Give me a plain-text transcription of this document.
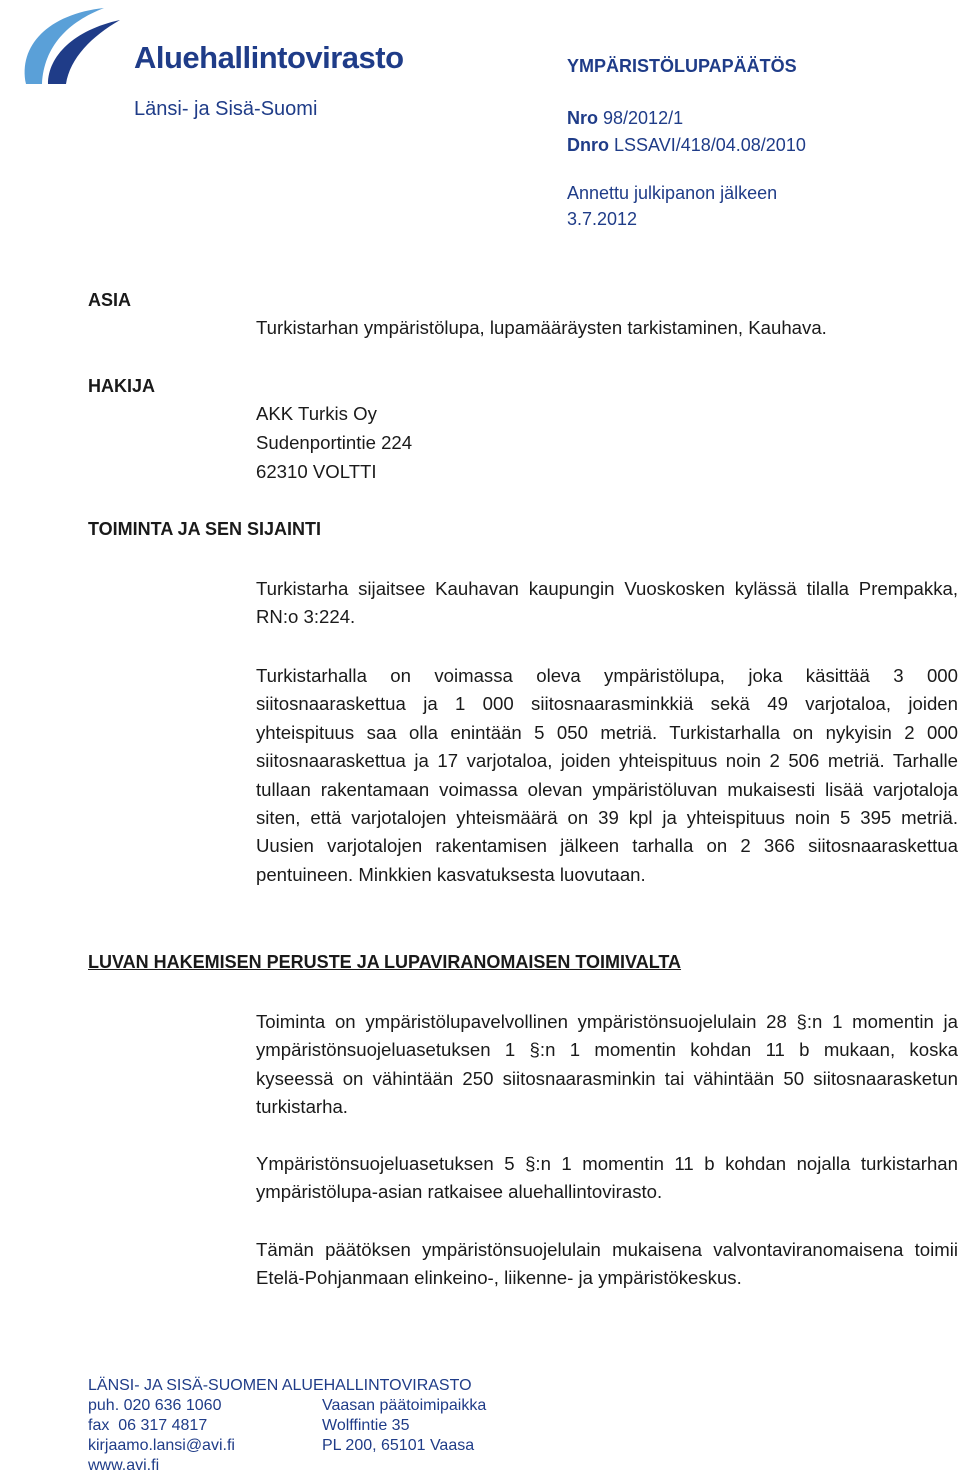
Aluehallintovirasto
Länsi- ja Sisä-Suomi
YMPÄRISTÖLUPAPÄÄTÖS
Nro 98/2012/1
Dnro LSSAVI/418/04.08/2010
Annettu julkipanon jälkeen
3.7.2012
ASIA
Turkistarhan ympäristölupa, lupamääräysten tarkistaminen, Kauhava.
HAKIJA
AKK Turkis Oy
Sudenportintie 224
62310 VOLTTI
TOIMINTA JA SEN SIJAINTI
Turkistarha sijaitsee Kauhavan kaupungin Vuoskosken kylässä tilalla Prempakka, RN:o 3:224.
Turkistarhalla on voimassa oleva ympäristölupa, joka käsittää 3 000 siitosnaaraskettua ja 1 000 siitosnaarasminkkiä sekä 49 varjotaloa, joiden yhteispituus saa olla enintään 5 050 metriä. Turkistarhalla on nykyisin 2 000 siitosnaaraskettua ja 17 varjotaloa, joiden yhteispituus noin 2 506 metriä. Tarhalle tullaan rakentamaan voimassa olevan ympäristöluvan mukaisesti lisää varjotaloja siten, että varjotalojen yhteismäärä on 39 kpl ja yhteispituus noin 5 395 metriä. Uusien varjotalojen rakentamisen jälkeen tarhalla on 2 366 siitosnaaraskettua pentuineen. Minkkien kasvatuksesta luovutaan.
LUVAN HAKEMISEN PERUSTE JA LUPAVIRANOMAISEN TOIMIVALTA
Toiminta on ympäristölupavelvollinen ympäristönsuojelulain 28 §:n 1 momentin ja ympäristönsuojeluasetuksen 1 §:n 1 momentin kohdan 11 b mukaan, koska kyseessä on vähintään 250 siitosnaarasminkin tai vähintään 50 siitosnaarasketun turkistarha.
Ympäristönsuojeluasetuksen 5 §:n 1 momentin 11 b kohdan nojalla turkistarhan ympäristölupa-asian ratkaisee aluehallintovirasto.
Tämän päätöksen ympäristönsuojelulain mukaisena valvontaviranomaisena toimii Etelä-Pohjanmaan elinkeino-, liikenne- ja ympäristökeskus.
LÄNSI- JA SISÄ-SUOMEN ALUEHALLINTOVIRASTO
puh. 020 636 1060
fax  06 317 4817
kirjaamo.lansi@avi.fi
www.avi.fi
Vaasan päätoimipaikka
Wolffintie 35
PL 200, 65101 Vaasa
